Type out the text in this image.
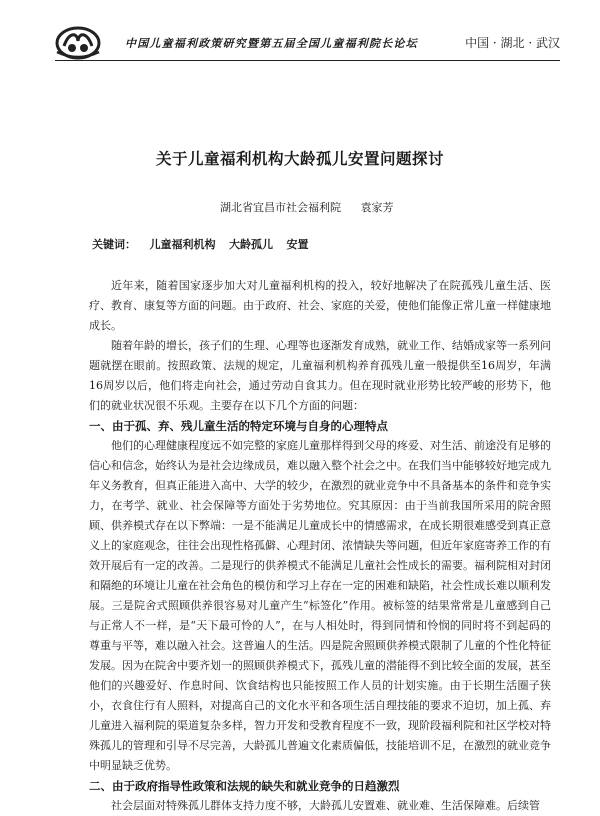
中国儿童福利政策研究暨第五届全国儿童福利院长论坛	中国 · 湖北 · 武汉
关于儿童福利机构大龄孤儿安置问题探讨
湖北省宜昌市社会福利院 袁家芳
关键词： 儿童福利机构 大龄孤儿 安置

近年来，随着国家逐步加大对儿童福利机构的投入，较好地解决了在院孤残儿童生活、医疗、教育、康复等方面的问题。由于政府、社会、家庭的关爱，使他们能像正常儿童一样健康地成长。

随着年龄的增长，孩子们的生理、心理等也逐渐发育成熟，就业工作、结婚成家等一系列问题就摆在眼前。按照政策、法规的规定，儿童福利机构养育孤残儿童一般提供至16周岁，年满16周岁以后，他们将走向社会，通过劳动自食其力。但在现时就业形势比较严峻的形势下，他们的就业状况很不乐观。主要存在以下几个方面的问题：

一、由于孤、弃、残儿童生活的特定环境与自身的心理特点

他们的心理健康程度远不如完整的家庭儿童那样得到父母的疼爱、对生活、前途没有足够的信心和信念，始终认为是社会边缘成员，难以融入整个社会之中。在我们当中能够较好地完成九年义务教育，但真正能进入高中、大学的较少，在激烈的就业竞争中不具备基本的条件和竞争实力，在考学、就业、社会保障等方面处于劣势地位。究其原因：由于当前我国所采用的院舍照顾、供养模式存在以下弊端：一是不能满足儿童成长中的情感需求，在成长期很难感受到真正意义上的家庭观念，往往会出现性格孤僻、心理封闭、浓情缺失等问题，但近年家庭寄养工作的有效开展后有一定的改善。二是现行的供养模式不能满足儿童社会性成长的需要。福利院相对封闭和隔绝的环境让儿童在社会角色的模仿和学习上存在一定的困难和缺陷，社会性成长难以顺利发展。三是院舍式照顾供养很容易对儿童产生“标签化”作用。被标签的结果常常是儿童感到自己与正常人不一样，是“天下最可怜的人”，在与人相处时，得到同情和怜悯的同时将不到起码的尊重与平等，难以融入社会。这普遍人的生活。四是院舍照顾供养模式限制了儿童的个性化特征发展。因为在院舍中要齐划一的照顾供养模式下，孤残儿童的潜能得不到比较全面的发展，甚至他们的兴趣爱好、作息时间、饮食结构也只能按照工作人员的计划实施。由于长期生活圈子狭小，衣食住行有人照料，对提高自己的文化水平和各项生活自理技能的要求不迫切，加上孤、弃儿童进入福利院的渠道复杂多样，智力开发和受教育程度不一致，现阶段福利院和社区学校对特殊孤儿的管理和引导不尽完善，大龄孤儿普遍文化素质偏低，技能培训不足，在激烈的就业竞争中明显缺乏优势。

二、由于政府指导性政策和法规的缺失和就业竞争的日趋激烈

社会层面对特殊孤儿群体支持力度不够，大龄孤儿安置难、就业难、生活保障难。后续管
